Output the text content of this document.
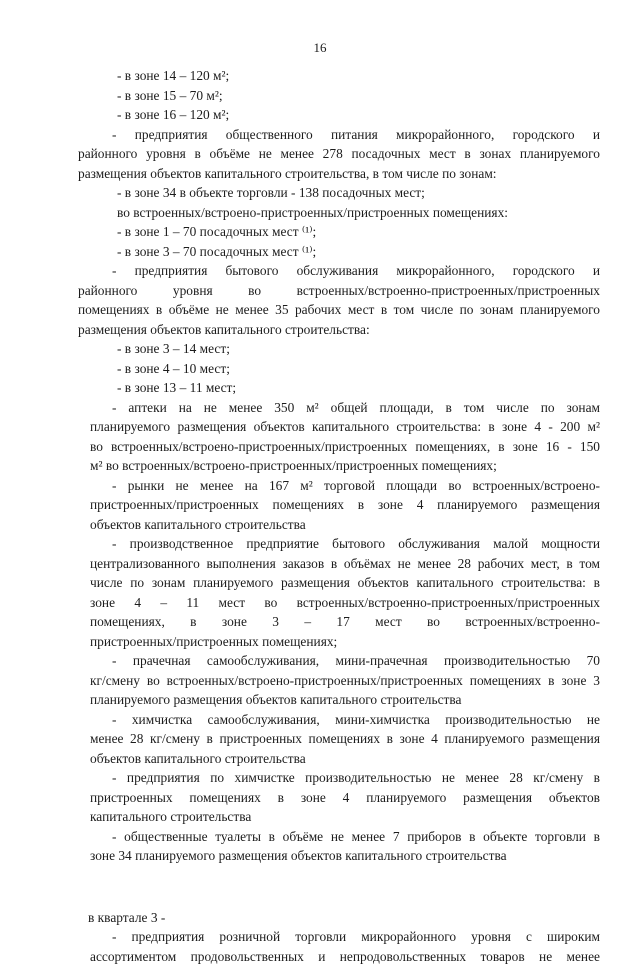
16

- в зоне 14 – 120 м²;

- в зоне 15 – 70 м²;

- в зоне 16 – 120 м²;

- предприятия общественного питания микрорайонного, городского и

районного уровня в объёме не менее 278 посадочных мест в зонах планируемого

размещения объектов капитального строительства, в том числе по зонам:

- в зоне 34 в объекте торговли - 138 посадочных мест;

во встроенных/встроено-пристроенных/пристроенных помещениях:

- в зоне 1 – 70 посадочных мест ⁽¹⁾;

- в зоне 3 – 70 посадочных мест ⁽¹⁾;

- предприятия бытового обслуживания микрорайонного, городского и

районного уровня во встроенных/встроенно-пристроенных/пристроенных

помещениях в объёме не менее 35 рабочих мест в том числе по зонам планируемого

размещения объектов капитального строительства:

- в зоне 3 – 14 мест;

- в зоне 4 – 10 мест;

- в зоне 13 – 11 мест;

- аптеки на не менее 350 м² общей площади, в том числе по зонам

планируемого размещения объектов капитального строительства: в зоне 4 - 200 м²

во встроенных/встроено-пристроенных/пристроенных помещениях, в зоне 16 - 150

м² во встроенных/встроено-пристроенных/пристроенных помещениях;

- рынки не менее на 167 м² торговой площади во встроенных/встроено-

пристроенных/пристроенных помещениях в зоне 4 планируемого размещения

объектов капитального строительства

- производственное предприятие бытового обслуживания малой мощности

централизованного выполнения заказов в объёмах не менее 28 рабочих мест, в том

числе по зонам планируемого размещения объектов капитального строительства: в

зоне 4 – 11 мест во встроенных/встроенно-пристроенных/пристроенных

помещениях, в зоне 3 – 17 мест во встроенных/встроенно-

пристроенных/пристроенных помещениях;

- прачечная самообслуживания, мини-прачечная производительностью 70

кг/смену во встроенных/встроено-пристроенных/пристроенных помещениях в зоне 3

планируемого размещения объектов капитального строительства

- химчистка самообслуживания, мини-химчистка производительностью не

менее 28 кг/смену в пристроенных помещениях в зоне 4 планируемого размещения

объектов капитального строительства

- предприятия по химчистке производительностью не менее 28 кг/смену в

пристроенных помещениях в зоне 4 планируемого размещения объектов

капитального строительства

- общественные туалеты в объёме не менее 7 приборов в объекте торговли в

зоне 34 планируемого размещения объектов капитального строительства

в квартале 3 -

- предприятия розничной торговли микрорайонного уровня с широким

ассортиментом продовольственных и непродовольственных товаров не менее
